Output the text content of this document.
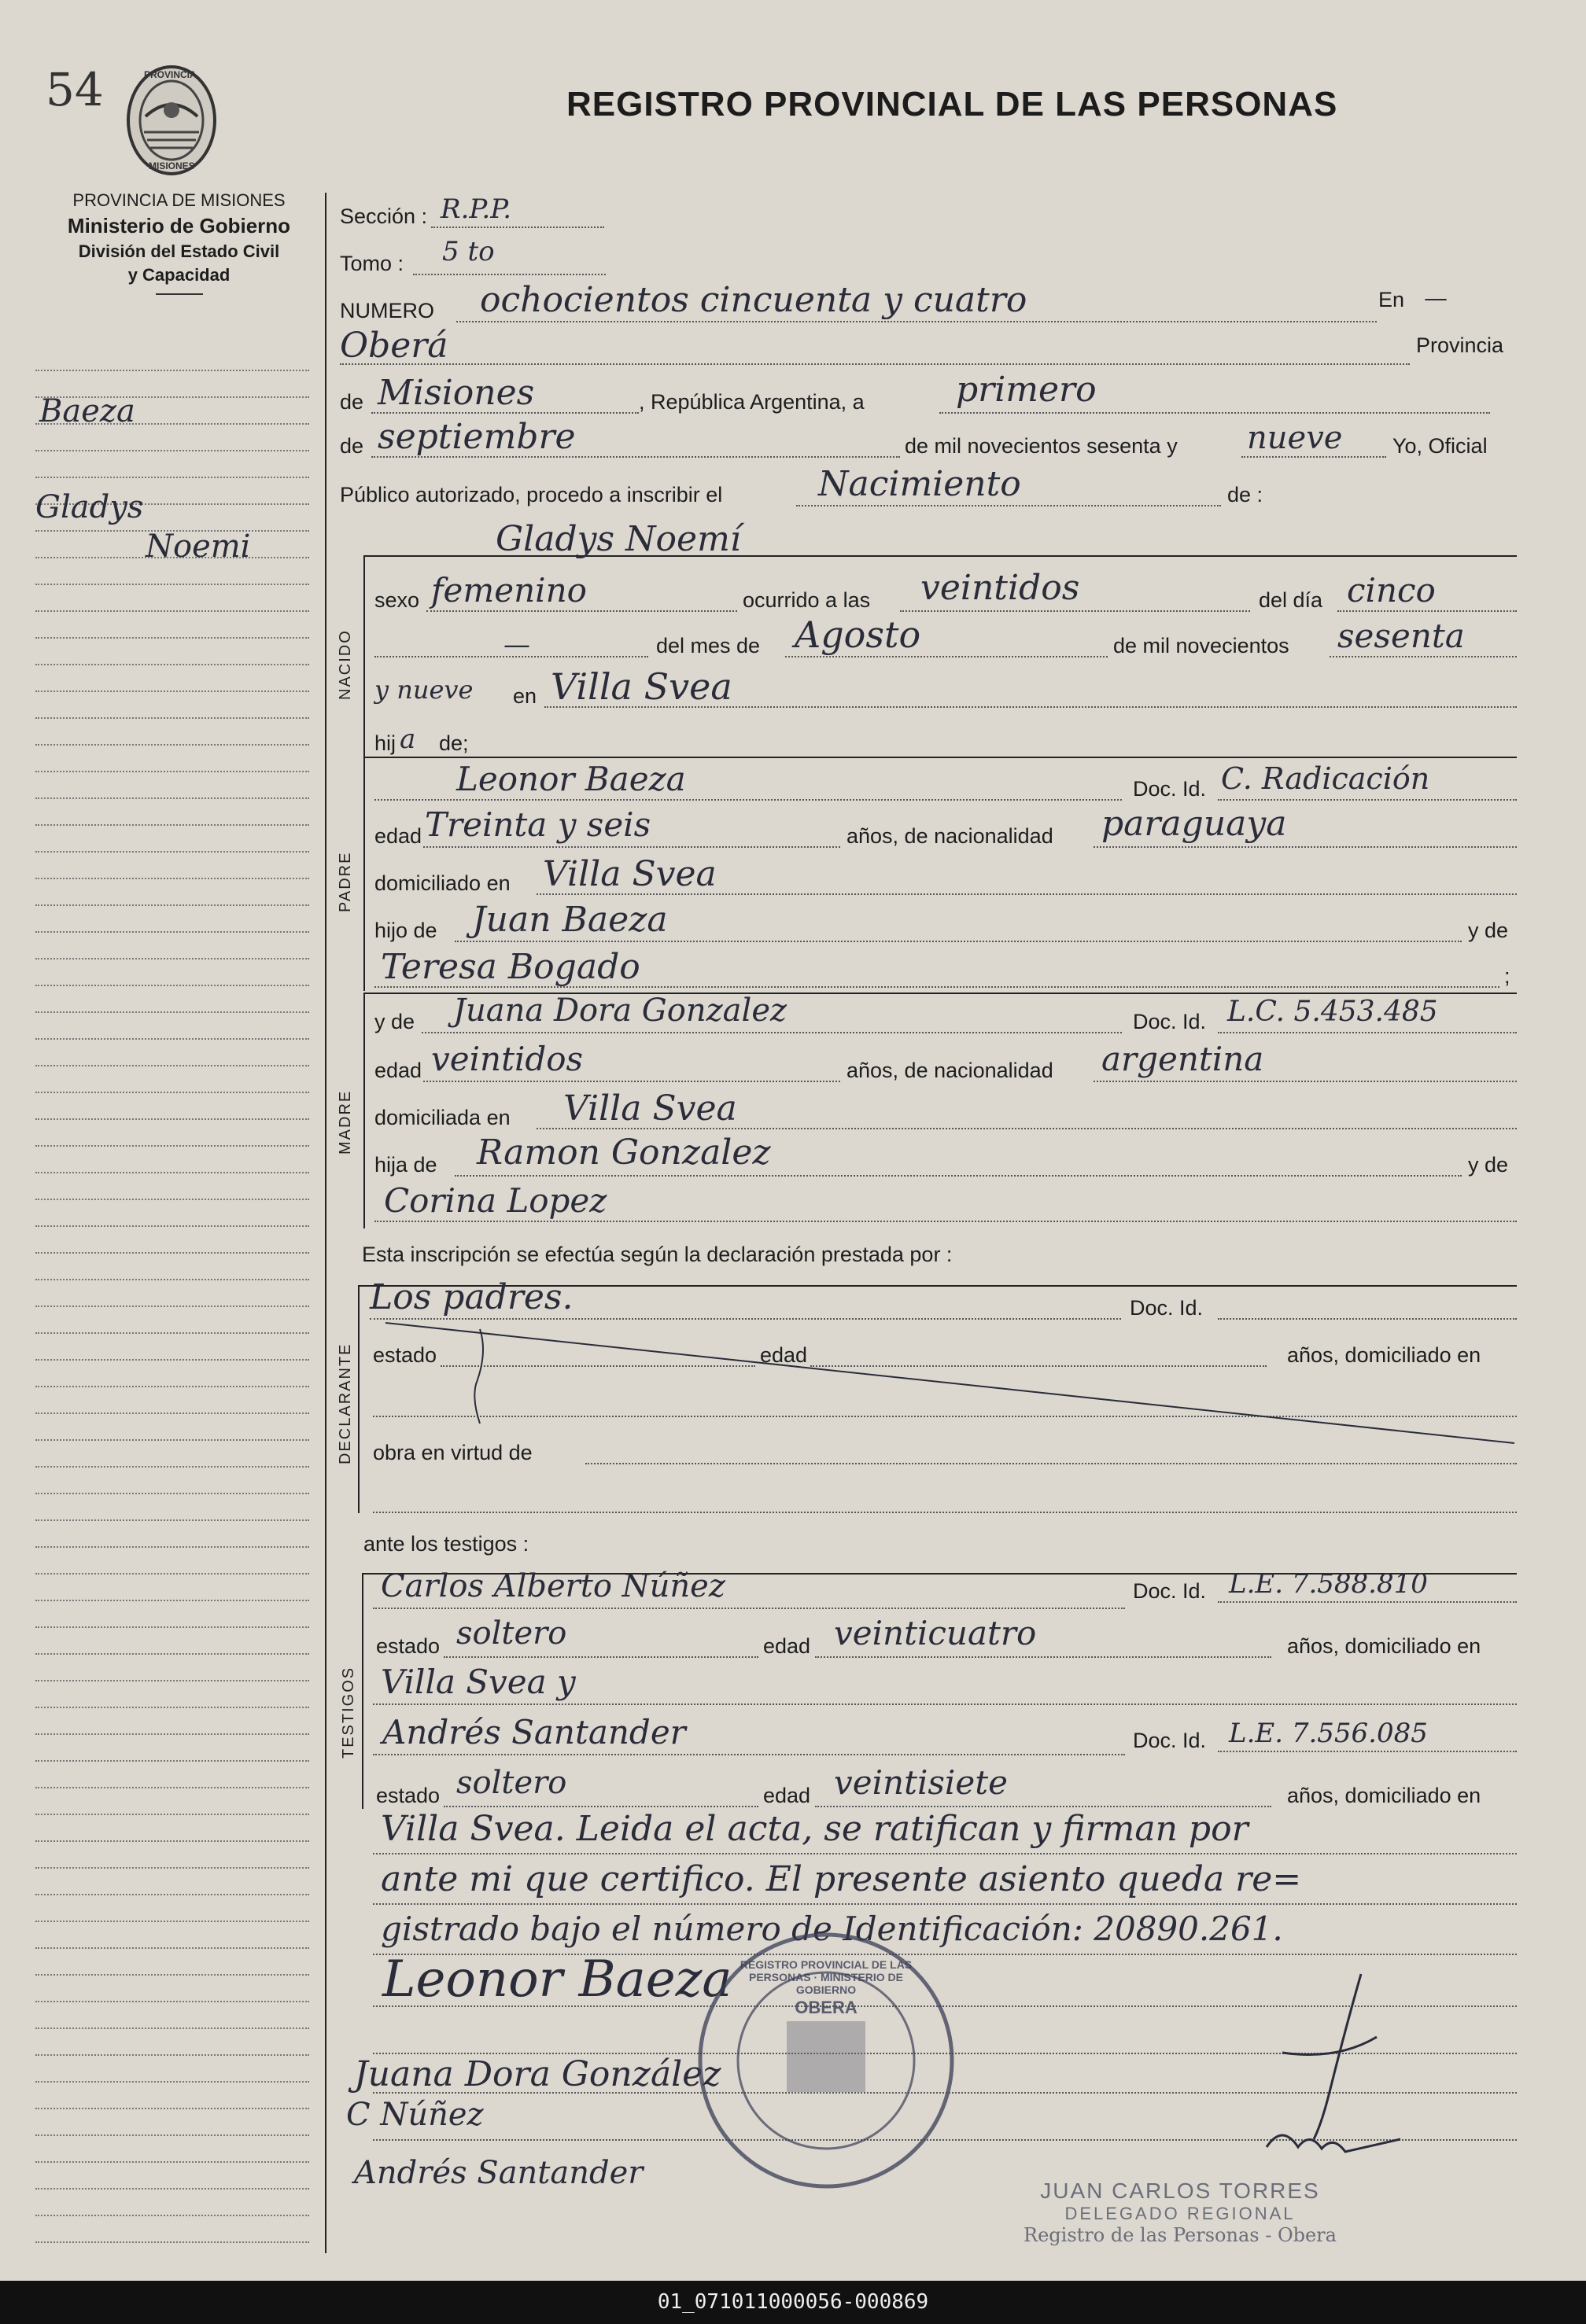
54	PROVINCIA
MISIONES
REGISTRO PROVINCIAL DE LAS PERSONAS
PROVINCIA DE MISIONES
Ministerio de Gobierno
División del Estado Civil
y Capacidad
Baeza
Gladys
Noemi
Sección : R.P.P.
Tomo : 5 to
NUMERO ochocientos cincuenta y cuatro	En —
Oberá	Provincia
de Misiones	, República Argentina, a	primero
de septiembre	de mil novecientos sesenta y nueve Yo, Oficial
Público autorizado, procedo a inscribir el	Nacimiento	de :
Gladys Noemí
NACIDO
sexo femenino	ocurrido a las veintidos	del día cinco
—	del mes de Agosto	de mil novecientos sesenta
y nueve en Villa Svea
hij a de;
PADRE
Leonor Baeza	Doc. Id. C. Radicación
edad Treinta y seis	años, de nacionalidad paraguaya
domiciliado en Villa Svea
hijo de Juan Baeza	y de
Teresa Bogado	;
MADRE
y de Juana Dora Gonzalez	Doc. Id. L.C. 5.453.485
edad veintidos	años, de nacionalidad argentina
domiciliada en Villa Svea
hija de Ramon Gonzalez	y de
Corina Lopez
Esta inscripción se efectúa según la declaración prestada por :
DECLARANTE
Los padres.	Doc. Id.
estado	edad	años, domiciliado en
obra en virtud de
ante los testigos :
TESTIGOS
Carlos Alberto Núñez	Doc. Id. L.E. 7.588.810
estado soltero	edad veinticuatro	años, domiciliado en
Villa Svea y
Andrés Santander	Doc. Id. L.E. 7.556.085
estado soltero	edad veintisiete	años, domiciliado en
Villa Svea. Leida el acta, se ratifican y firman por
ante mi que certifico. El presente asiento queda re=
gistrado bajo el número de Identificación: 20890.261.
Leonor Baeza
Juana Dora González
C Núñez
Andrés Santander
REGISTRO PROVINCIAL DE LAS PERSONAS · MINISTERIO DE GOBIERNO
OBERA
JUAN CARLOS TORRES
DELEGADO REGIONAL
Registro de las Personas - Obera
01_071011000056-000869
